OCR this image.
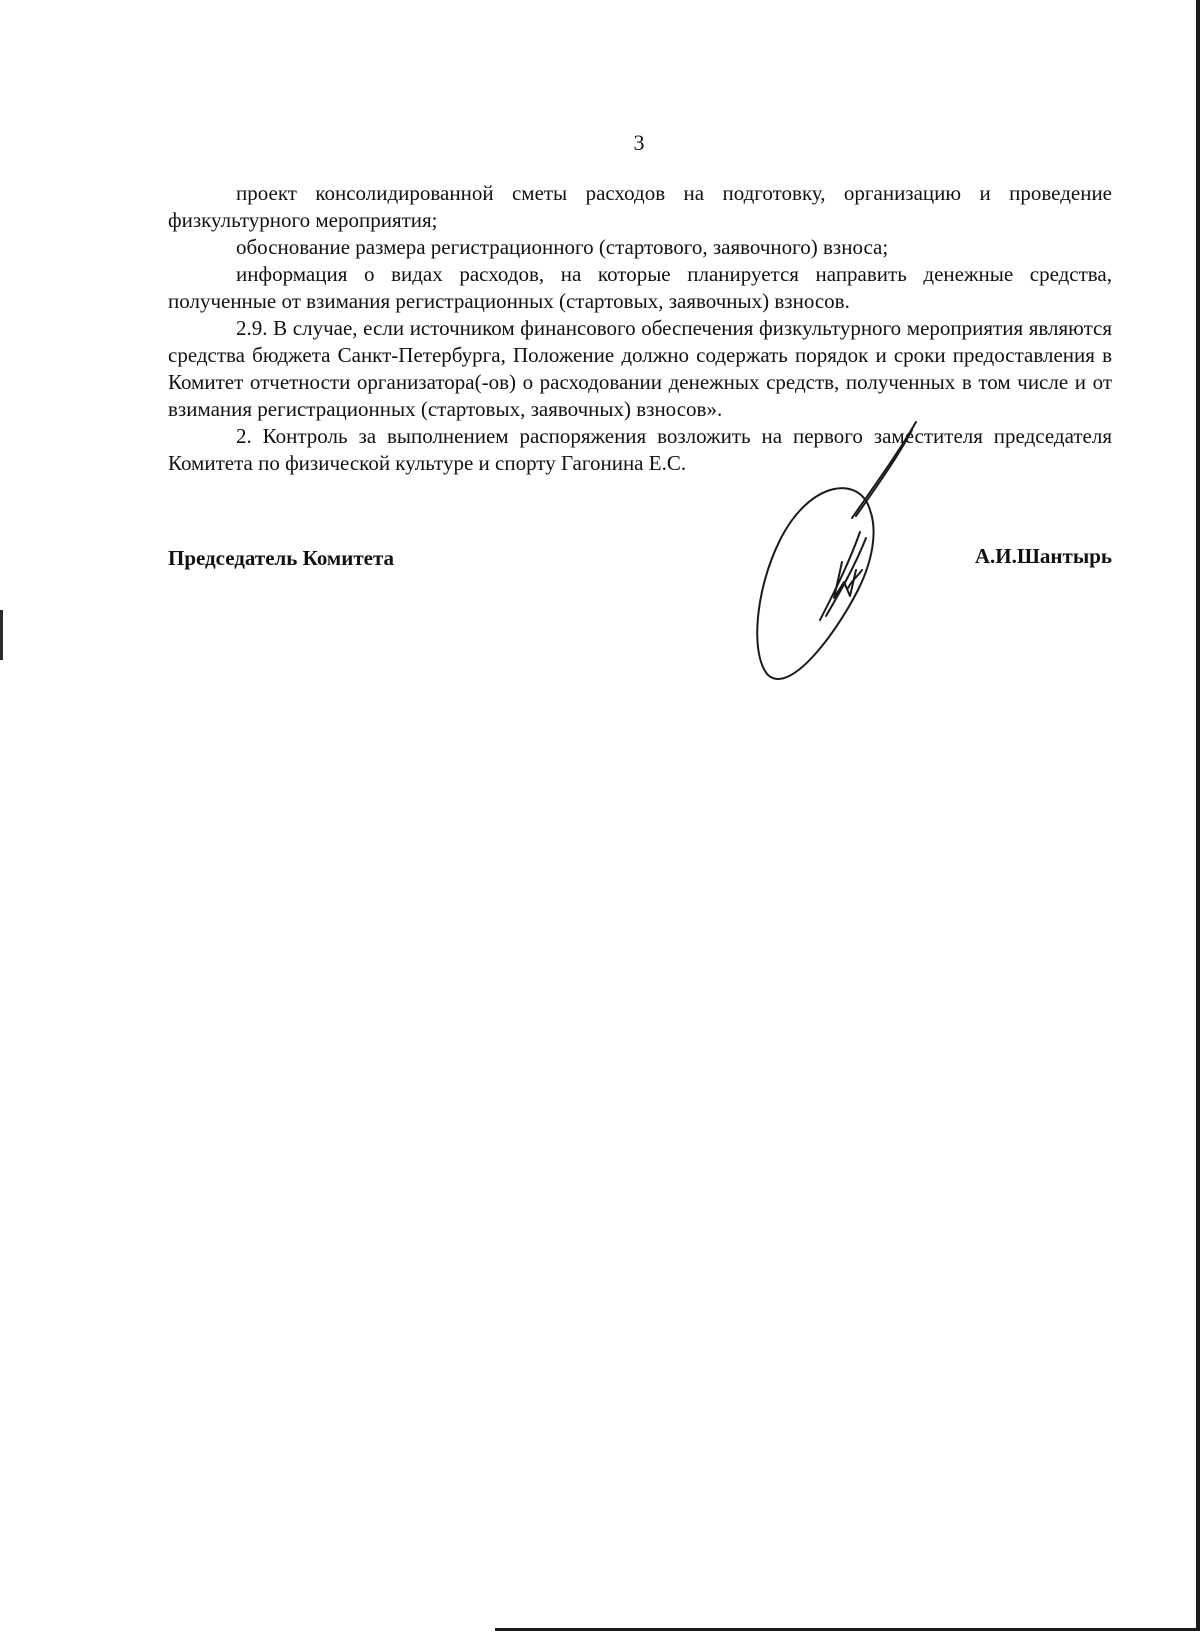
3

проект консолидированной сметы расходов на подготовку, организацию и проведение физкультурного мероприятия;

обоснование размера регистрационного (стартового, заявочного) взноса;

информация о видах расходов, на которые планируется направить денежные средства, полученные от взимания регистрационных (стартовых, заявочных) взносов.

2.9. В случае, если источником финансового обеспечения физкультурного мероприятия являются средства бюджета Санкт-Петербурга, Положение должно содержать порядок и сроки предоставления в Комитет отчетности организатора(-ов) о расходовании денежных средств, полученных в том числе и от взимания регистрационных (стартовых, заявочных) взносов».

2. Контроль за выполнением распоряжения возложить на первого заместителя председателя Комитета по физической культуре и спорту Гагонина Е.С.

Председатель Комитета	А.И.Шантырь
